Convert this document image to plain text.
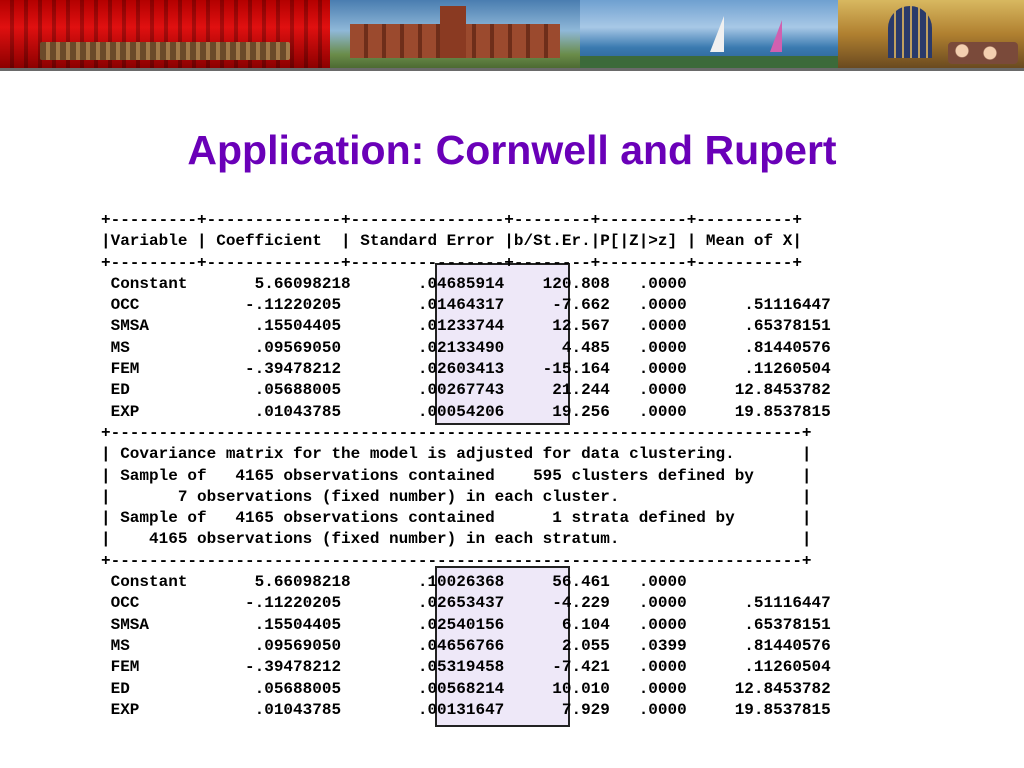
Application: Cornwell and Rupert
+---------+--------------+----------------+--------+---------+----------+
|Variable | Coefficient  | Standard Error |b/St.Er.|P[|Z|>z] | Mean of X|
+---------+--------------+----------------+--------+---------+----------+
Constant       5.66098218       .04685914    120.808   .0000
OCC           -.11220205        .01464317     -7.662   .0000      .51116447
SMSA           .15504405        .01233744     12.567   .0000      .65378151
MS             .09569050        .02133490      4.485   .0000      .81440576
FEM           -.39478212        .02603413    -15.164   .0000      .11260504
ED             .05688005        .00267743     21.244   .0000     12.8453782
EXP            .01043785        .00054206     19.256   .0000     19.8537815
+------------------------------------------------------------------------+
| Covariance matrix for the model is adjusted for data clustering.       |
| Sample of   4165 observations contained    595 clusters defined by     |
|       7 observations (fixed number) in each cluster.                   |
| Sample of   4165 observations contained      1 strata defined by       |
|    4165 observations (fixed number) in each stratum.                   |
+------------------------------------------------------------------------+
Constant       5.66098218       .10026368     56.461   .0000
OCC           -.11220205        .02653437     -4.229   .0000      .51116447
SMSA           .15504405        .02540156      6.104   .0000      .65378151
MS             .09569050        .04656766      2.055   .0399      .81440576
FEM           -.39478212        .05319458     -7.421   .0000      .11260504
ED             .05688005        .00568214     10.010   .0000     12.8453782
EXP            .01043785        .00131647      7.929   .0000     19.8537815
